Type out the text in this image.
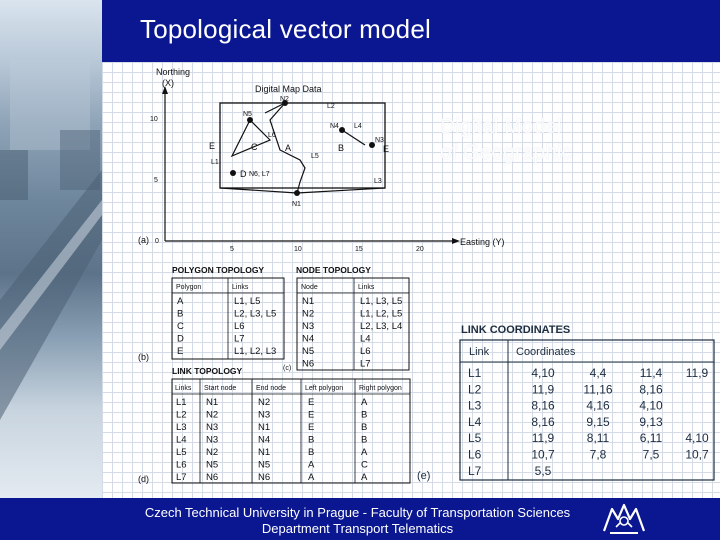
Topological vector model
Digital Model
of Geographic
Northing
(X)
Easting (Y)
10
5
0
5	10	15	20
(a)
Digital Map Data
N2
N5
N1
N4
N3
N6, L7
L1
L2
L3
L4
L5
L6
A	B
C
D
E	E
POLYGON TOPOLOGY
Polygon	Links
A	L1, L5
B	L2, L3, L5
C	L6
D	L7
E	L1, L2, L3
(b)
NODE TOPOLOGY
Node	Links
N1	L1, L3, L5
N2	L1, L2, L5
N3	L2, L3, L4
N4	L4
N5	L6
N6	L7
(c)
LINK TOPOLOGY
Links Start node	End node	Left polygon Right polygon
L1 N1	N2	E	A
L2 N2	N3	E	B
L3 N3	N1	E	B
L4 N3	N4	B	B
L5 N2	N1	B	A
L6 N5	N5	A	C
L7 N6	N6	A	A
(d)
LINK COORDINATES
Link Coordinates
L1	4,10	4,4	11,4 11,9
L2	11,9 11,16 8,16
L3	8,16	4,16 4,10
L4	8,16	9,15 9,13
L5	11,9	8,11	6,11 4,10
L6	10,7	7,8	7,5 10,7
L7	5,5
(e)
Czech Technical University in Prague - Faculty of Transportation Sciences
Department Transport Telematics
